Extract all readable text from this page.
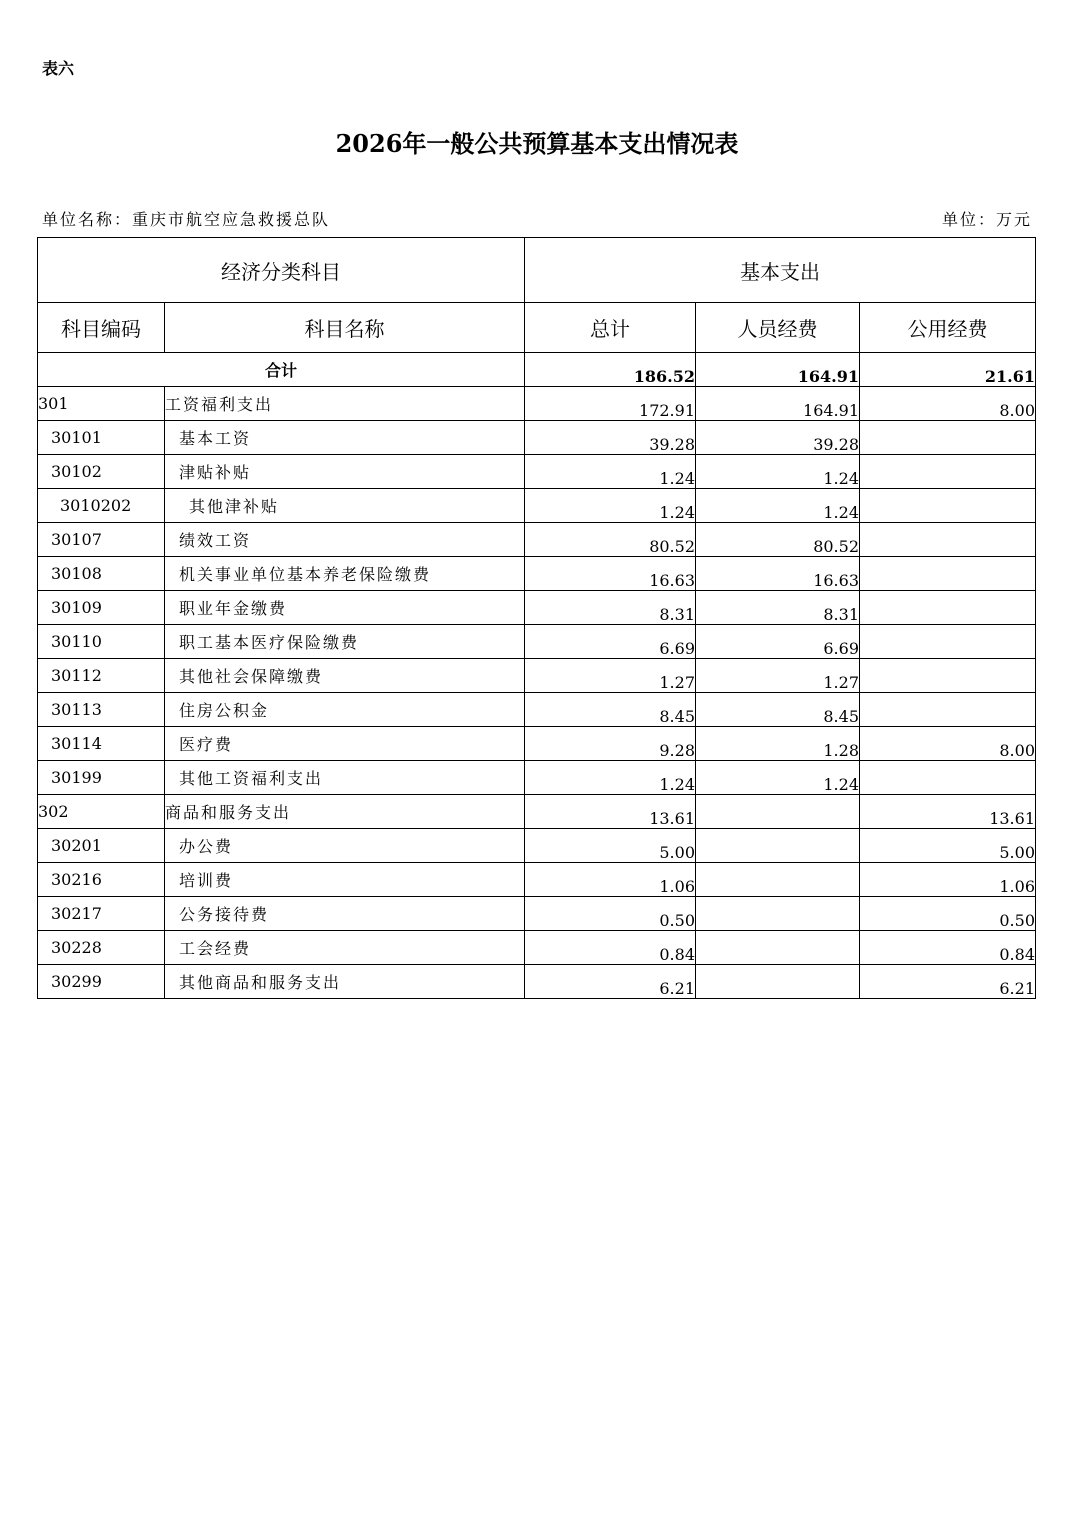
表六
2026年一般公共预算基本支出情况表
单位名称：重庆市航空应急救援总队	单位：万元
经济分类科目		基本支出		
科目编码	科目名称	总计	人员经费	公用经费
合计		186.52	164.91	21.61
301	工资福利支出	172.91	164.91	8.00
30101	基本工资	39.28	39.28	
30102	津贴补贴	1.24	1.24	
3010202	其他津补贴	1.24	1.24	
30107	绩效工资	80.52	80.52	
30108	机关事业单位基本养老保险缴费	16.63	16.63	
30109	职业年金缴费	8.31	8.31	
30110	职工基本医疗保险缴费	6.69	6.69	
30112	其他社会保障缴费	1.27	1.27	
30113	住房公积金	8.45	8.45	
30114	医疗费	9.28	1.28	8.00
30199	其他工资福利支出	1.24	1.24	
302	商品和服务支出	13.61		13.61
30201	办公费	5.00		5.00
30216	培训费	1.06		1.06
30217	公务接待费	0.50		0.50
30228	工会经费	0.84		0.84
30299	其他商品和服务支出	6.21		6.21
